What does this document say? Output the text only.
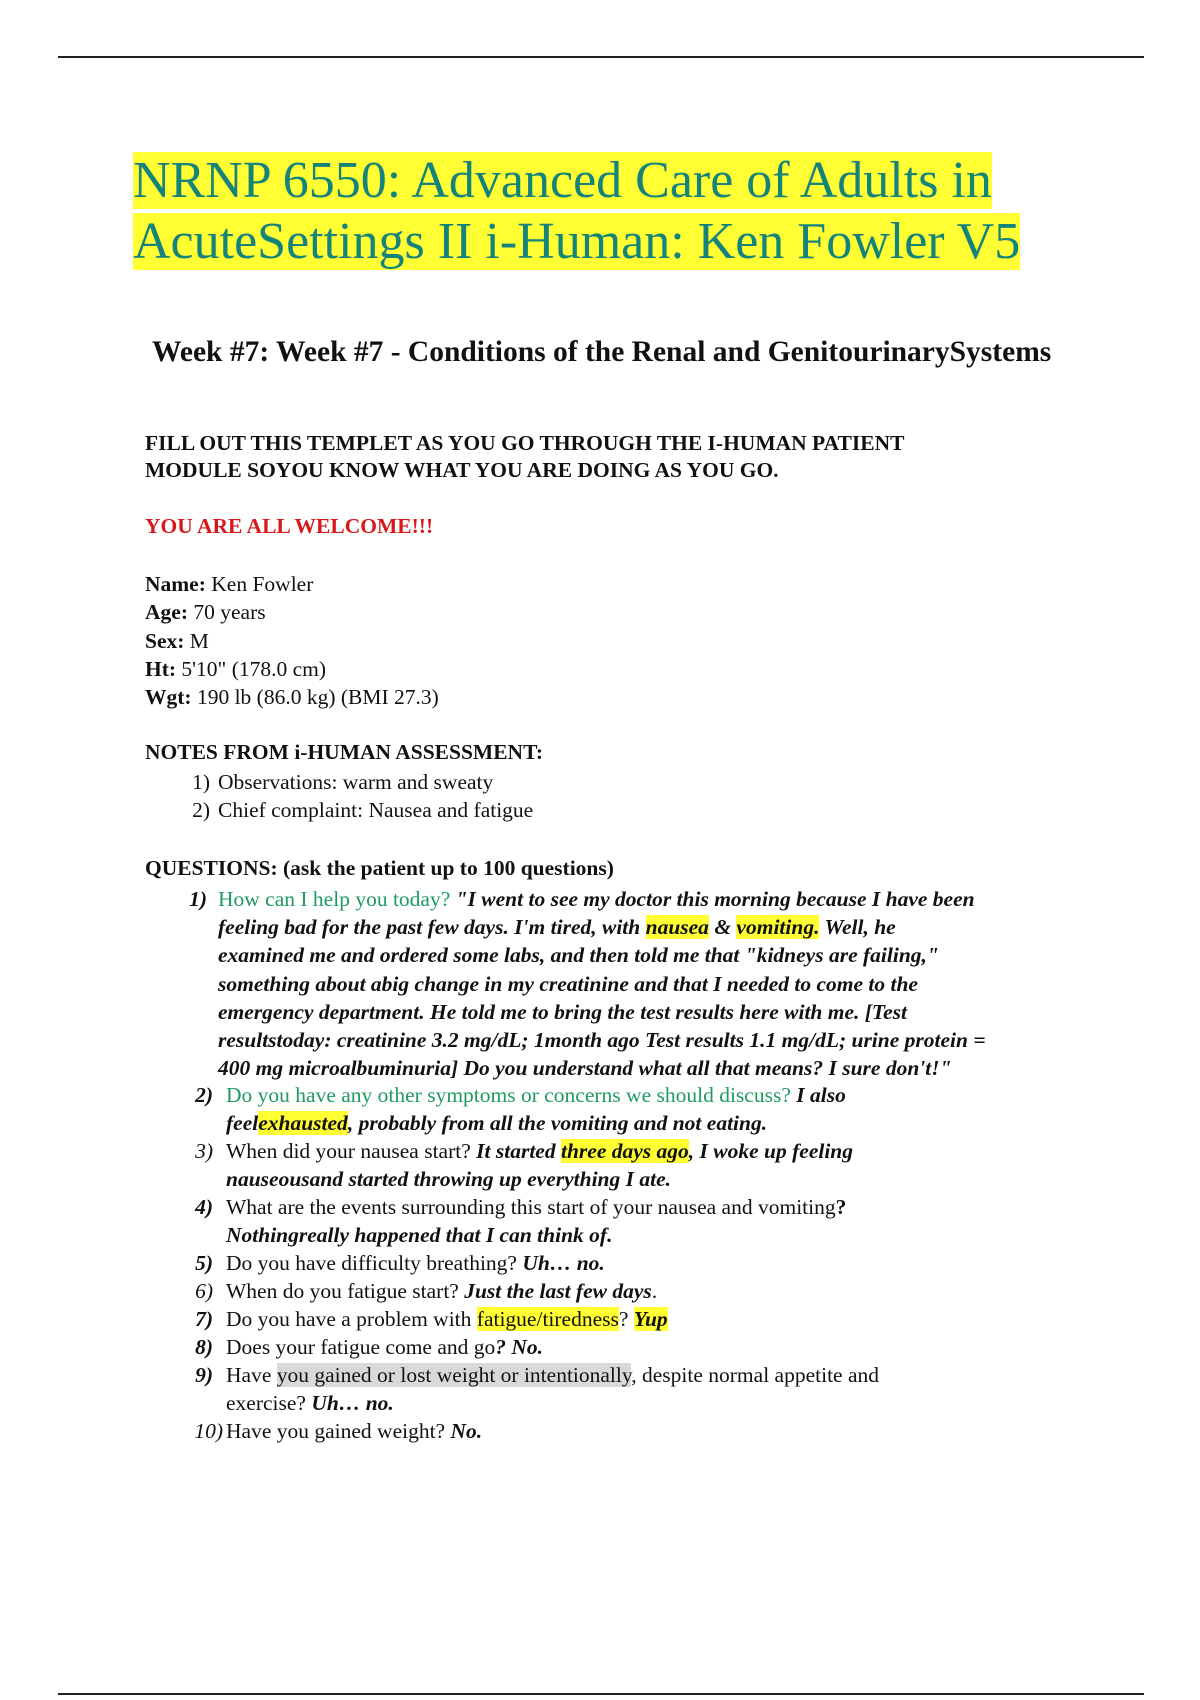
NRNP 6550: Advanced Care of Adults in
AcuteSettings II i-Human: Ken Fowler V5
Week #7: Week #7 - Conditions of the Renal and GenitourinarySystems

FILL OUT THIS TEMPLET AS YOU GO THROUGH THE I-HUMAN PATIENT
MODULE SOYOU KNOW WHAT YOU ARE DOING AS YOU GO.

YOU ARE ALL WELCOME!!!

Name: Ken Fowler
Age: 70 years
Sex: M
Ht: 5'10" (178.0 cm)
Wgt: 190 lb (86.0 kg) (BMI 27.3)

NOTES FROM i-HUMAN ASSESSMENT:

1) Observations: warm and sweaty
2) Chief complaint: Nausea and fatigue

QUESTIONS: (ask the patient up to 100 questions)

1) How can I help you today? "I went to see my doctor this morning because I have been
feeling bad for the past few days. I'm tired, with nausea & vomiting. Well, he
examined me and ordered some labs, and then told me that "kidneys are failing,"
something about abig change in my creatinine and that I needed to come to the
emergency department. He told me to bring the test results here with me. [Test
resultstoday: creatinine 3.2 mg/dL; 1month ago Test results 1.1 mg/dL; urine protein =
400 mg microalbuminuria] Do you understand what all that means? I sure don't!"
2) Do you have any other symptoms or concerns we should discuss? I also
feelexhausted, probably from all the vomiting and not eating.
3) When did your nausea start? It started three days ago, I woke up feeling
nauseousand started throwing up everything I ate.
4) What are the events surrounding this start of your nausea and vomiting?
Nothingreally happened that I can think of.
5) Do you have difficulty breathing? Uh… no.
6) When do you fatigue start? Just the last few days.
7) Do you have a problem with fatigue/tiredness? Yup
8) Does your fatigue come and go? No.
9) Have you gained or lost weight or intentionally, despite normal appetite and
exercise? Uh… no.
10) Have you gained weight? No.
